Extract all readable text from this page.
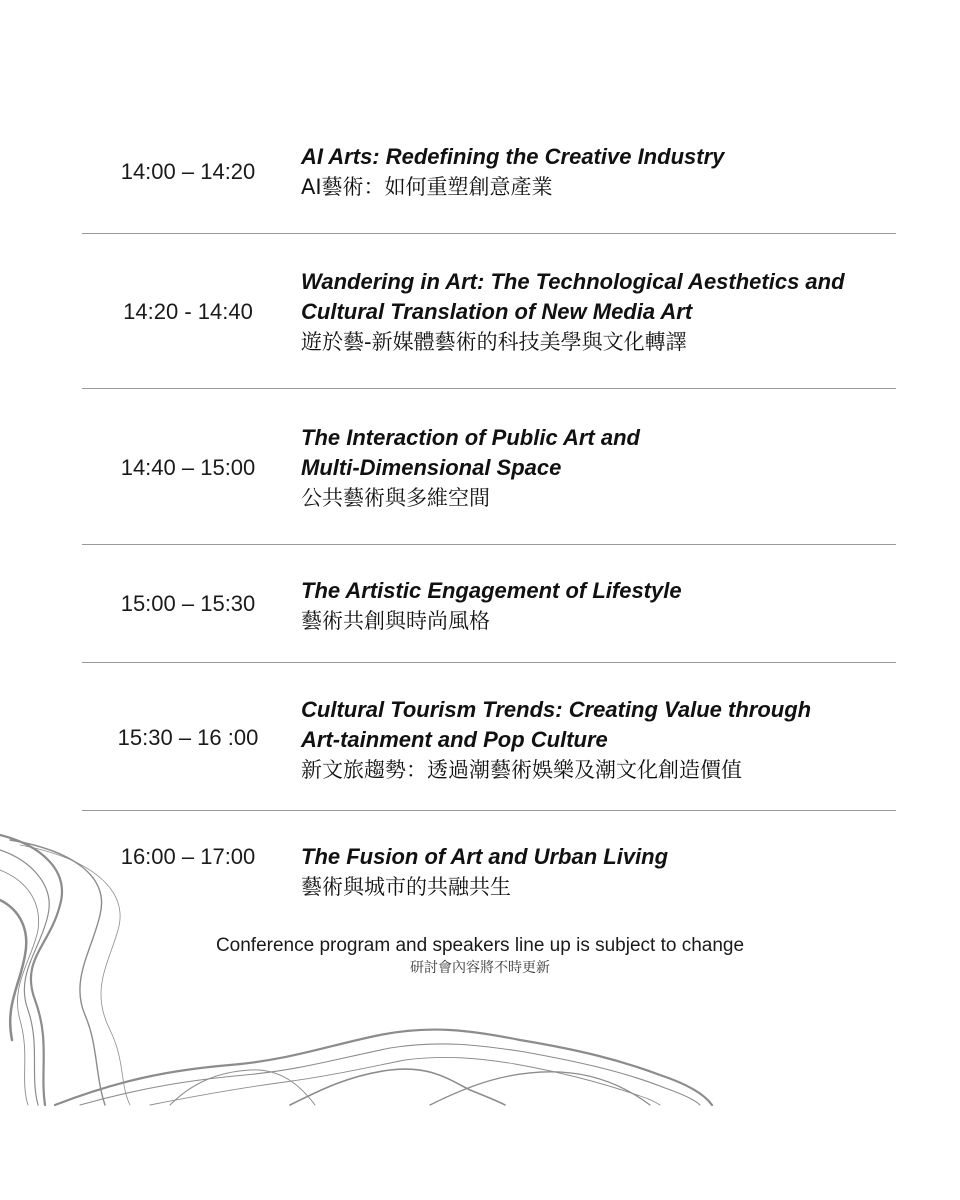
14:00 – 14:20
AI Arts: Redefining the Creative Industry
AI藝術：如何重塑創意產業
14:20 - 14:40
Wandering in Art: The Technological Aesthetics and
Cultural Translation of New Media Art
遊於藝-新媒體藝術的科技美學與文化轉譯
14:40 – 15:00
The Interaction of Public Art and
Multi-Dimensional Space
公共藝術與多維空間
15:00 – 15:30
The Artistic Engagement of Lifestyle
藝術共創與時尚風格
15:30 – 16 :00
Cultural Tourism Trends: Creating Value through
Art-tainment and Pop Culture
新文旅趨勢：透過潮藝術娛樂及潮文化創造價值
16:00 – 17:00	The Fusion of Art and Urban Living
藝術與城市的共融共生
Conference program and speakers line up is subject to change
研討會內容將不時更新
